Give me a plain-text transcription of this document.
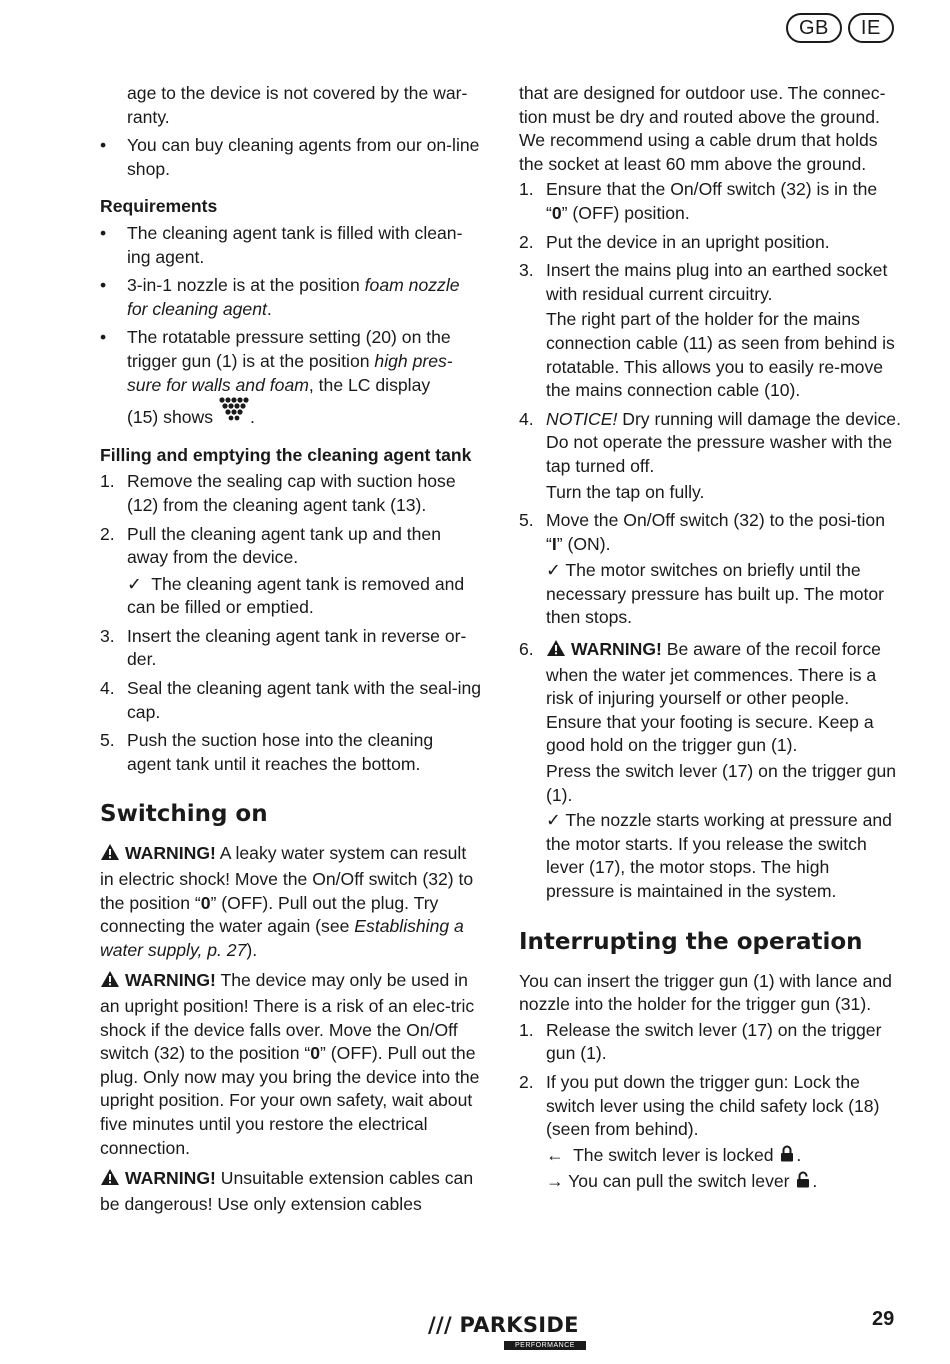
GB	IE

age to the device is not covered by the war-ranty.

•	You can buy cleaning agents from our on-line shop.

Requirements

•	The cleaning agent tank is filled with clean-ing agent.
•	3-in-1 nozzle is at the position foam nozzle for cleaning agent.
•	The rotatable pressure setting (20) on the trigger gun (1) is at the position high pres-sure for walls and foam, the LC display
(15) shows .

Filling and emptying the cleaning agent tank

1. Remove the sealing cap with suction hose (12) from the cleaning agent tank (13).
2. Pull the cleaning agent tank up and then away from the device.

✓ The cleaning agent tank is removed and can be filled or emptied.

3. Insert the cleaning agent tank in reverse or-der.
4. Seal the cleaning agent tank with the seal-ing cap.
5. Push the suction hose into the cleaning agent tank until it reaches the bottom.

Switching on

WARNING! A leaky water system can result in electric shock! Move the On/Off switch (32) to the position “0” (OFF). Pull out the plug. Try connecting the water again (see Establishing a water supply, p. 27).

WARNING! The device may only be used in an upright position! There is a risk of an elec-tric shock if the device falls over. Move the On/Off switch (32) to the position “0” (OFF). Pull out the plug. Only now may you bring the device into the upright position. For your own safety, wait about five minutes until you restore the electrical connection.

WARNING! Unsuitable extension cables can be dangerous! Use only extension cables

that are designed for outdoor use. The connec-tion must be dry and routed above the ground. We recommend using a cable drum that holds the socket at least 60 mm above the ground.

1. Ensure that the On/Off switch (32) is in the “0” (OFF) position.
2. Put the device in an upright position.
3. Insert the mains plug into an earthed socket with residual current circuitry.

The right part of the holder for the mains connection cable (11) as seen from behind is rotatable. This allows you to easily re-move the mains connection cable (10).

4. NOTICE! Dry running will damage the device. Do not operate the pressure washer with the tap turned off.

Turn the tap on fully.

5. Move the On/Off switch (32) to the posi-tion “I” (ON).

✓ The motor switches on briefly until the necessary pressure has built up. The motor then stops.

6.	WARNING! Be aware of the recoil force when the water jet commences. There is a risk of injuring yourself or other people. Ensure that your footing is secure. Keep a good hold on the trigger gun (1).

Press the switch lever (17) on the trigger gun (1).

✓ The nozzle starts working at pressure and the motor starts. If you release the switch lever (17), the motor stops. The high pressure is maintained in the system.

Interrupting the operation

You can insert the trigger gun (1) with lance and nozzle into the holder for the trigger gun (31).

1. Release the switch lever (17) on the trigger gun (1).
2. If you put down the trigger gun: Lock the switch lever using the child safety lock (18) (seen from behind).

← The switch lever is locked .

→ You can pull the switch lever .

/// PARKSIDE
PERFORMANCE
29
